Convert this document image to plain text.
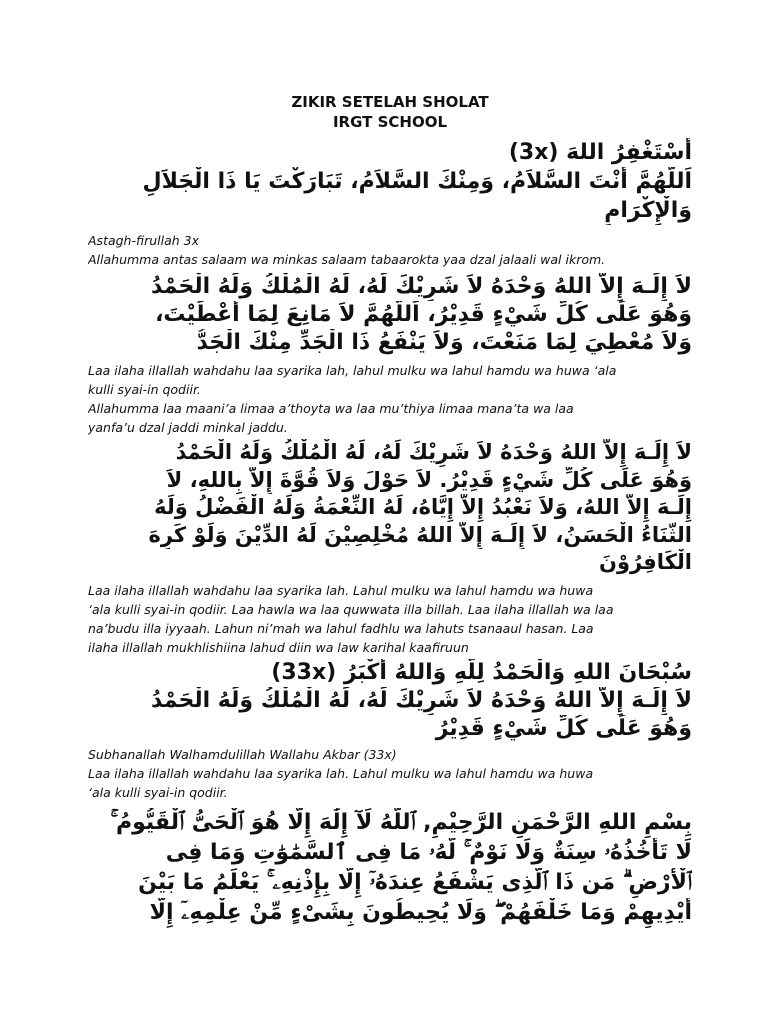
ZIKIR SETELAH SHOLAT

IRGT SCHOOL

أَسْتَغْفِرُ اللهَ (3x)
اَللَّهُمَّ أَنْتَ السَّلاَمُ، وَمِنْكَ السَّلاَمُ، تَبَارَكْتَ يَا ذَا الْجَلاَلِ
وَالْإِكْرَامِ
Astagh-firullah 3x
Allahumma antas salaam wa minkas salaam tabaarokta yaa dzal jalaali wal ikrom.
لاَ إِلَـهَ إِلاَّ اللهُ وَحْدَهُ لاَ شَرِيْكَ لَهُ، لَهُ الْمُلْكُ وَلَهُ الْحَمْدُ
وَهُوَ عَلَى كُلِّ شَيْءٍ قَدِيْرُ، اَللَّهُمَّ لاَ مَانِعَ لِمَا أَعْطَيْتَ،
وَلاَ مُعْطِيَ لِمَا مَنَعْتَ، وَلاَ يَنْفَعُ ذَا الْجَدِّ مِنْكَ الْجَدُّ
Laa ilaha illallah wahdahu laa syarika lah, lahul mulku wa lahul hamdu wa huwa ‘ala
kulli syai-in qodiir.
Allahumma laa maani’a limaa a’thoyta wa laa mu’thiya limaa mana’ta wa laa
yanfa’u dzal jaddi minkal jaddu.
لاَ إِلَـهَ إِلاَّ اللهُ وَحْدَهُ لاَ شَرِيْكَ لَهُ، لَهُ الْمُلْكُ وَلَهُ الْحَمْدُ
وَهُوَ عَلَى كُلِّ شَيْءٍ قَدِيْرُ. لاَ حَوْلَ وَلاَ قُوَّةَ إِلاَّ بِاللهِ، لاَ
إِلَـهَ إِلاَّ اللهُ، وَلاَ نَعْبُدُ إِلاَّ إِيَّاهُ، لَهُ النِّعْمَةُ وَلَهُ الْفَضْلُ وَلَهُ
الثَّنَاءُ الْحَسَنُ، لاَ إِلَـهَ إِلاَّ اللهُ مُخْلِصِيْنَ لَهُ الدِّيْنَ وَلَوْ كَرِهَ
الْكَافِرُوْنَ
Laa ilaha illallah wahdahu laa syarika lah. Lahul mulku wa lahul hamdu wa huwa
‘ala kulli syai-in qodiir. Laa hawla wa laa quwwata illa billah. Laa ilaha illallah wa laa
na’budu illa iyyaah. Lahun ni’mah wa lahul fadhlu wa lahuts tsanaaul hasan. Laa
ilaha illallah mukhlishiina lahud diin wa law karihal kaafiruun
سُبْحَانَ اللهِ وَالْحَمْدُ لِلَّهِ وَاللهُ أَكْبَرُ (33x)
لاَ إِلَـهَ إِلاَّ اللهُ وَحْدَهُ لاَ شَرِيْكَ لَهُ، لَهُ الْمُلْكُ وَلَهُ الْحَمْدُ
وَهُوَ عَلَى كُلِّ شَيْءٍ قَدِيْرُ
Subhanallah Walhamdulillah Wallahu Akbar (33x)
Laa ilaha illallah wahdahu laa syarika lah. Lahul mulku wa lahul hamdu wa huwa
‘ala kulli syai-in qodiir.
بِسْمِ اللهِ الرَّحْمَنِ الرَّحِيْمِ, ٱللَّهُ لَآ إِلَٰهَ إِلَّا هُوَ ٱلْحَىُّ ٱلْقَيُّومُ ۚ
لَا تَأْخُذُهُۥ سِنَةٌ وَلَا نَوْمٌ ۚ لَّهُۥ مَا فِى ٱلسَّمَٰوَٰتِ وَمَا فِى
ٱلْأَرْضِ ۗ مَن ذَا ٱلَّذِى يَشْفَعُ عِندَهُۥٓ إِلَّا بِإِذْنِهِۦ ۚ يَعْلَمُ مَا بَيْنَ
أَيْدِيهِمْ وَمَا خَلْفَهُمْ ۖ وَلَا يُحِيطُونَ بِشَىْءٍ مِّنْ عِلْمِهِۦٓ إِلَّا
